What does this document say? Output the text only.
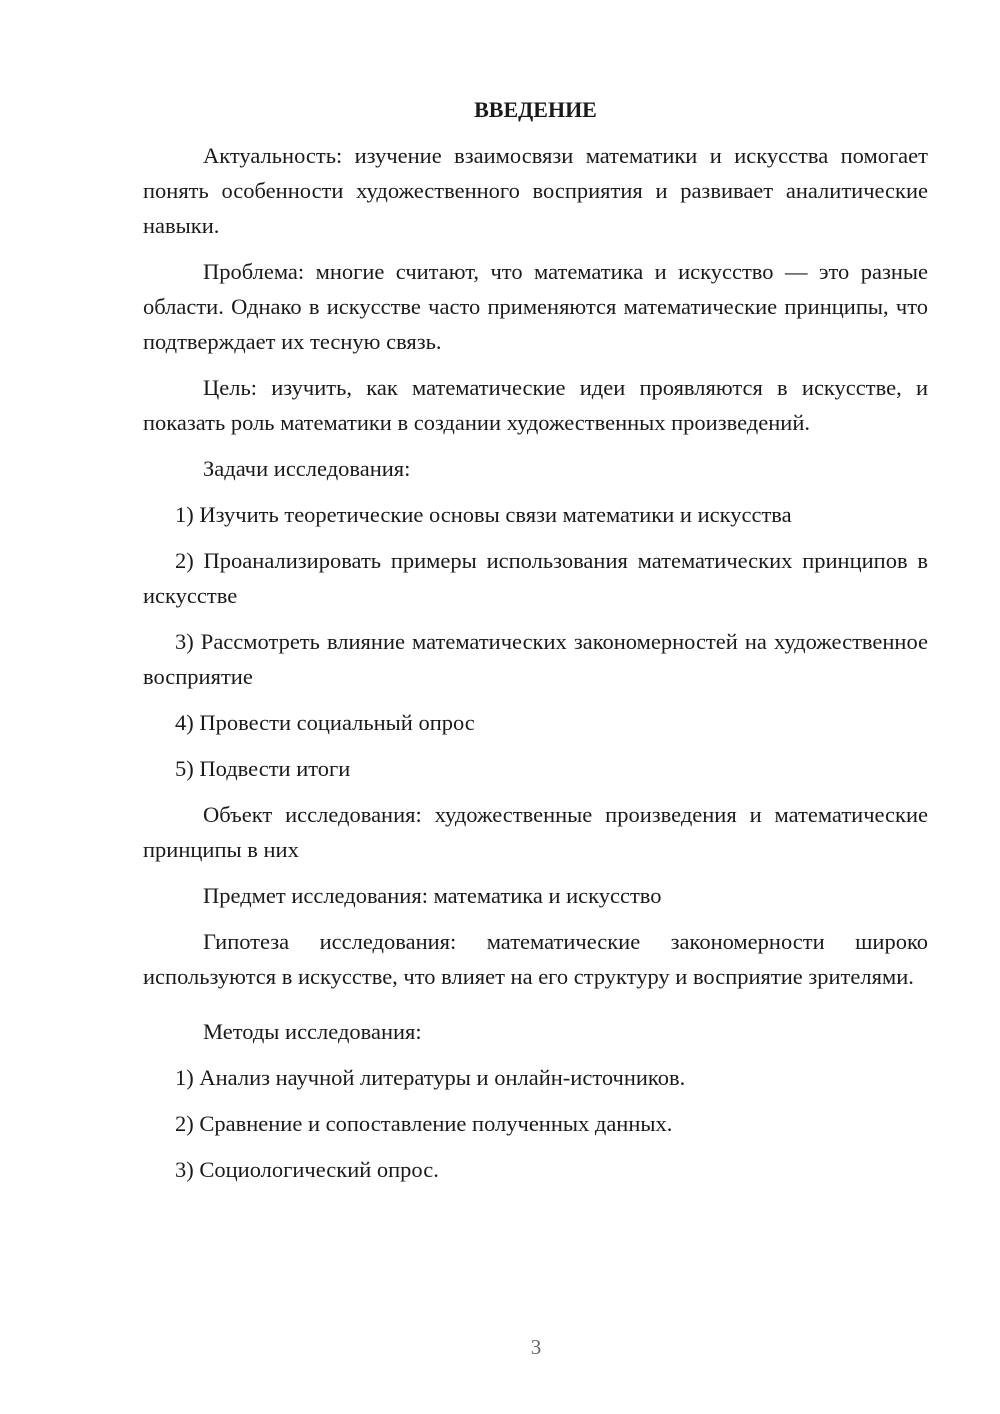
ВВЕДЕНИЕ

Актуальность: изучение взаимосвязи математики и искусства помогает понять особенности художественного восприятия и развивает аналитические навыки.

Проблема: многие считают, что математика и искусство — это разные области. Однако в искусстве часто применяются математические принципы, что подтверждает их тесную связь.

Цель: изучить, как математические идеи проявляются в искусстве, и показать роль математики в создании художественных произведений.

Задачи исследования:

1) Изучить теоретические основы связи математики и искусства

2) Проанализировать примеры использования математических принципов в искусстве

3) Рассмотреть влияние математических закономерностей на художественное восприятие

4) Провести социальный опрос

5) Подвести итоги

Объект исследования: художественные произведения и математические принципы в них

Предмет исследования: математика и искусство

Гипотеза исследования: математические закономерности широко используются в искусстве, что влияет на его структуру и восприятие зрителями.

Методы исследования:

1) Анализ научной литературы и онлайн-источников.

2) Сравнение и сопоставление полученных данных.

3) Социологический опрос.

3
